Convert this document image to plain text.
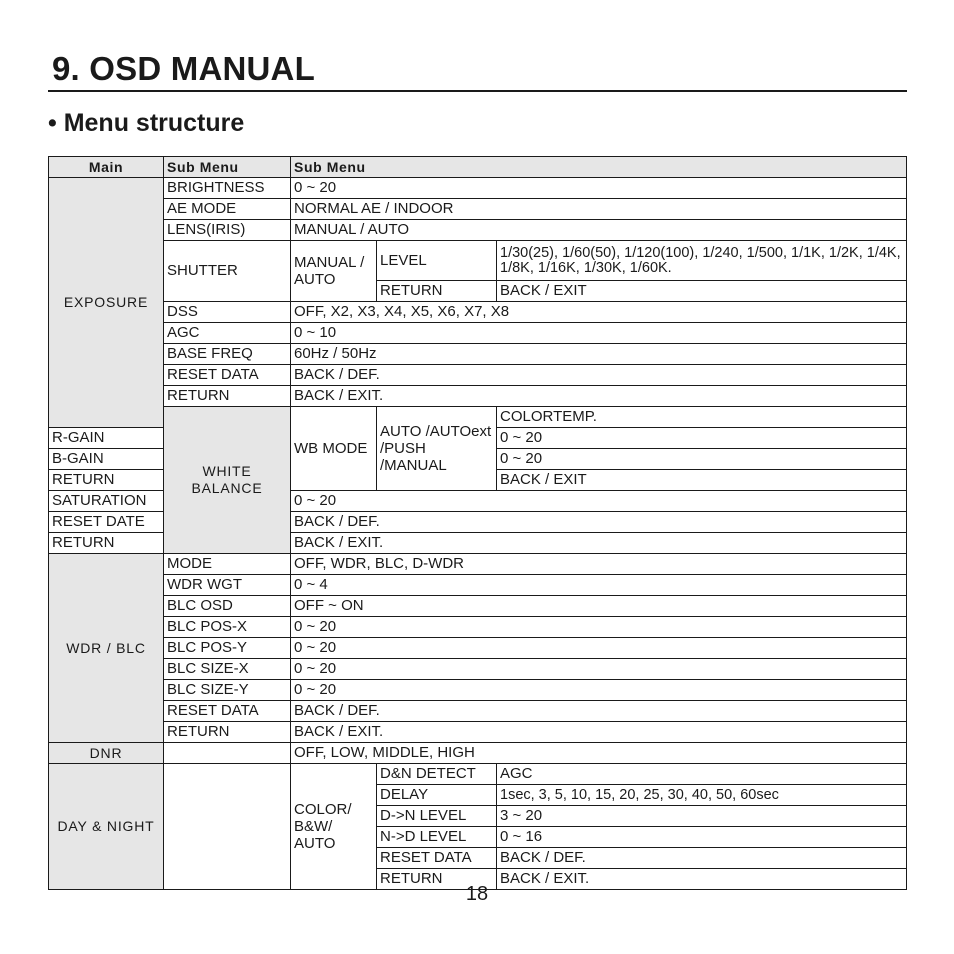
9. OSD MANUAL
• Menu structure
Main	Sub Menu	Sub Menu			
EXPOSURE	BRIGHTNESS	0 ~ 20			
	AE MODE	NORMAL AE / INDOOR			
	LENS(IRIS)	MANUAL / AUTO			
	SHUTTER	MANUAL / AUTO	LEVEL	1/30(25), 1/60(50), 1/120(100), 1/240, 1/500, 1/1K, 1/2K, 1/4K, 1/8K, 1/16K, 1/30K, 1/60K.	
			RETURN	BACK / EXIT	
	DSS	OFF, X2, X3, X4, X5, X6, X7, X8			
	AGC	0 ~ 10			
	BASE FREQ	60Hz / 50Hz			
	RESET DATA	BACK / DEF.			
	RETURN	BACK / EXIT.			
	WHITE BALANCE	WB MODE	AUTO /AUTOext /PUSH /MANUAL	COLORTEMP.	
R-GAIN				0 ~ 20	
B-GAIN				0 ~ 20	
RETURN				BACK / EXIT	
SATURATION		0 ~ 20			
RESET DATE		BACK / DEF.			
RETURN		BACK / EXIT.			
WDR / BLC	MODE	OFF, WDR, BLC, D-WDR			
	WDR WGT	0 ~ 4			
	BLC OSD	OFF ~ ON			
	BLC POS-X	0 ~ 20			
	BLC POS-Y	0 ~ 20			
	BLC SIZE-X	0 ~ 20			
	BLC SIZE-Y	0 ~ 20			
	RESET DATA	BACK / DEF.			
	RETURN	BACK / EXIT.			
DNR		OFF, LOW, MIDDLE, HIGH			
DAY & NIGHT		COLOR/ B&W/ AUTO	D&N DETECT	AGC	
			DELAY	1sec, 3, 5, 10, 15, 20, 25, 30, 40, 50, 60sec	
			D->N LEVEL	3 ~ 20	
			N->D LEVEL	0 ~ 16	
			RESET DATA	BACK / DEF.	
			RETURN	BACK / EXIT.	
18
